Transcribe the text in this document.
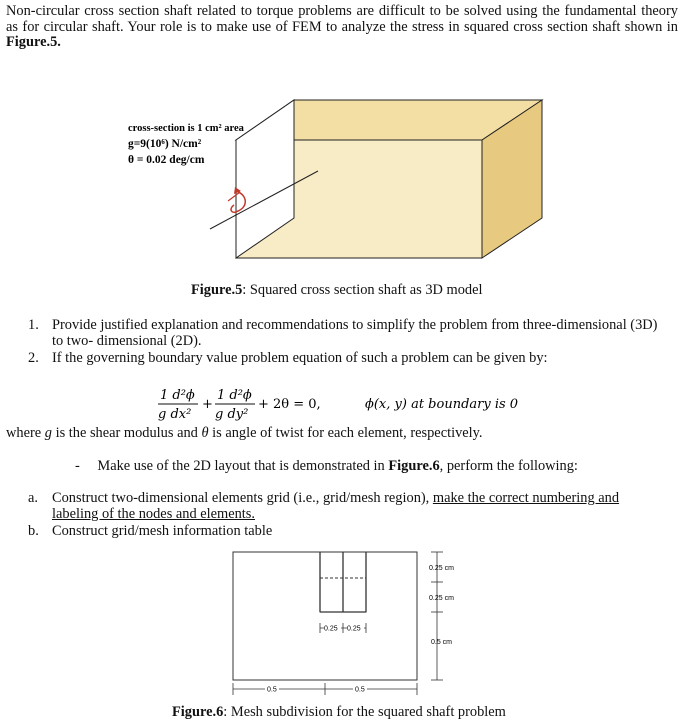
Non-circular cross section shaft related to torque problems are difficult to be solved using the fundamental theory
as for circular shaft. Your role is to make use of FEM to analyze the stress in squared cross section shaft shown in
Figure.5.
cross-section is 1 cm² area
g=9(10⁶) N/cm²
θ = 0.02 deg/cm
Figure.5: Squared cross section shaft as 3D model
1. Provide justified explanation and recommendations to simplify the problem from three-dimensional (3D)
to two- dimensional (2D).
2. If the governing boundary value problem equation of such a problem can be given by:
1 d²ϕ
g dx²
+
1 d²ϕ
g dy²
+ 2θ = 0,	ϕ(x, y) at boundary is 0
where g is the shear modulus and θ is angle of twist for each element, respectively.
- Make use of the 2D layout that is demonstrated in Figure.6, perform the following:
a. Construct two-dimensional elements grid (i.e., grid/mesh region), make the correct numbering and
labeling of the nodes and elements.
b. Construct grid/mesh information table
0.25 cm
0.25 cm
0.5 cm
0.25 0.25
0.5	0.5
Figure.6: Mesh subdivision for the squared shaft problem
